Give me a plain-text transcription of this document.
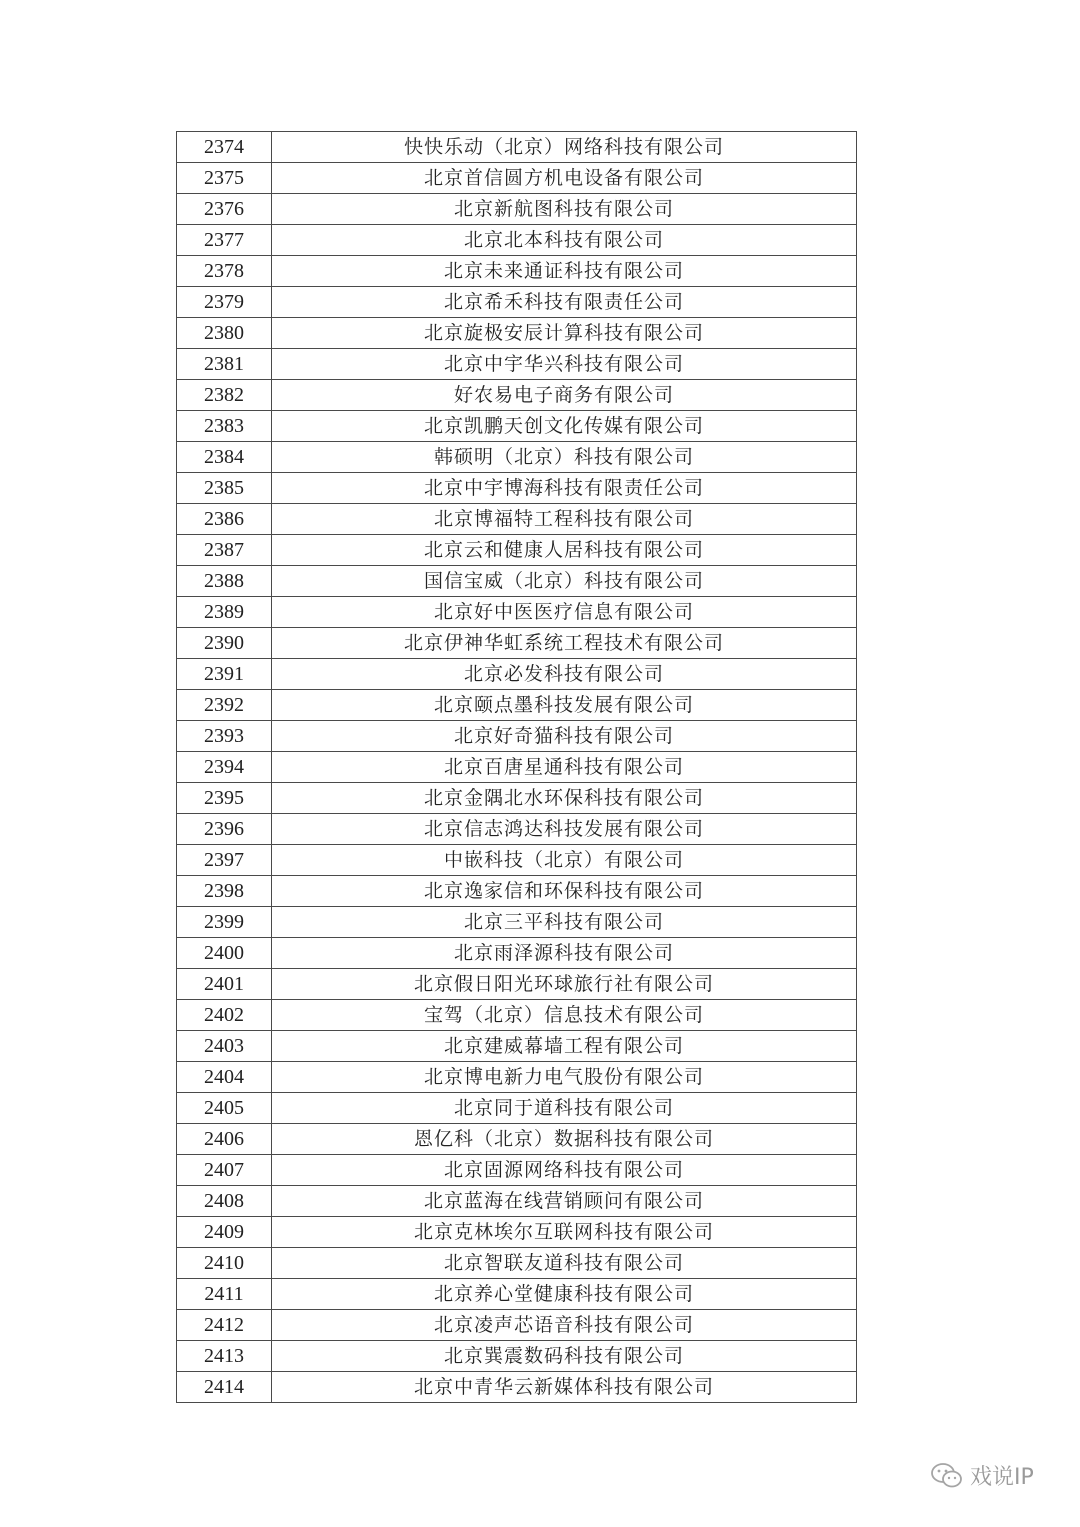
2374	快快乐动（北京）网络科技有限公司
2375	北京首信圆方机电设备有限公司
2376	北京新航图科技有限公司
2377	北京北本科技有限公司
2378	北京未来通证科技有限公司
2379	北京希禾科技有限责任公司
2380	北京旋极安辰计算科技有限公司
2381	北京中宇华兴科技有限公司
2382	好农易电子商务有限公司
2383	北京凯鹏天创文化传媒有限公司
2384	韩硕明（北京）科技有限公司
2385	北京中宇博海科技有限责任公司
2386	北京博福特工程科技有限公司
2387	北京云和健康人居科技有限公司
2388	国信宝威（北京）科技有限公司
2389	北京好中医医疗信息有限公司
2390	北京伊神华虹系统工程技术有限公司
2391	北京必发科技有限公司
2392	北京颐点墨科技发展有限公司
2393	北京好奇猫科技有限公司
2394	北京百唐星通科技有限公司
2395	北京金隅北水环保科技有限公司
2396	北京信志鸿达科技发展有限公司
2397	中嵌科技（北京）有限公司
2398	北京逸家信和环保科技有限公司
2399	北京三平科技有限公司
2400	北京雨泽源科技有限公司
2401	北京假日阳光环球旅行社有限公司
2402	宝驾（北京）信息技术有限公司
2403	北京建威幕墙工程有限公司
2404	北京博电新力电气股份有限公司
2405	北京同于道科技有限公司
2406	恩亿科（北京）数据科技有限公司
2407	北京固源网络科技有限公司
2408	北京蓝海在线营销顾问有限公司
2409	北京克林埃尔互联网科技有限公司
2410	北京智联友道科技有限公司
2411	北京养心堂健康科技有限公司
2412	北京凌声芯语音科技有限公司
2413	北京巽震数码科技有限公司
2414	北京中青华云新媒体科技有限公司
戏说IP
